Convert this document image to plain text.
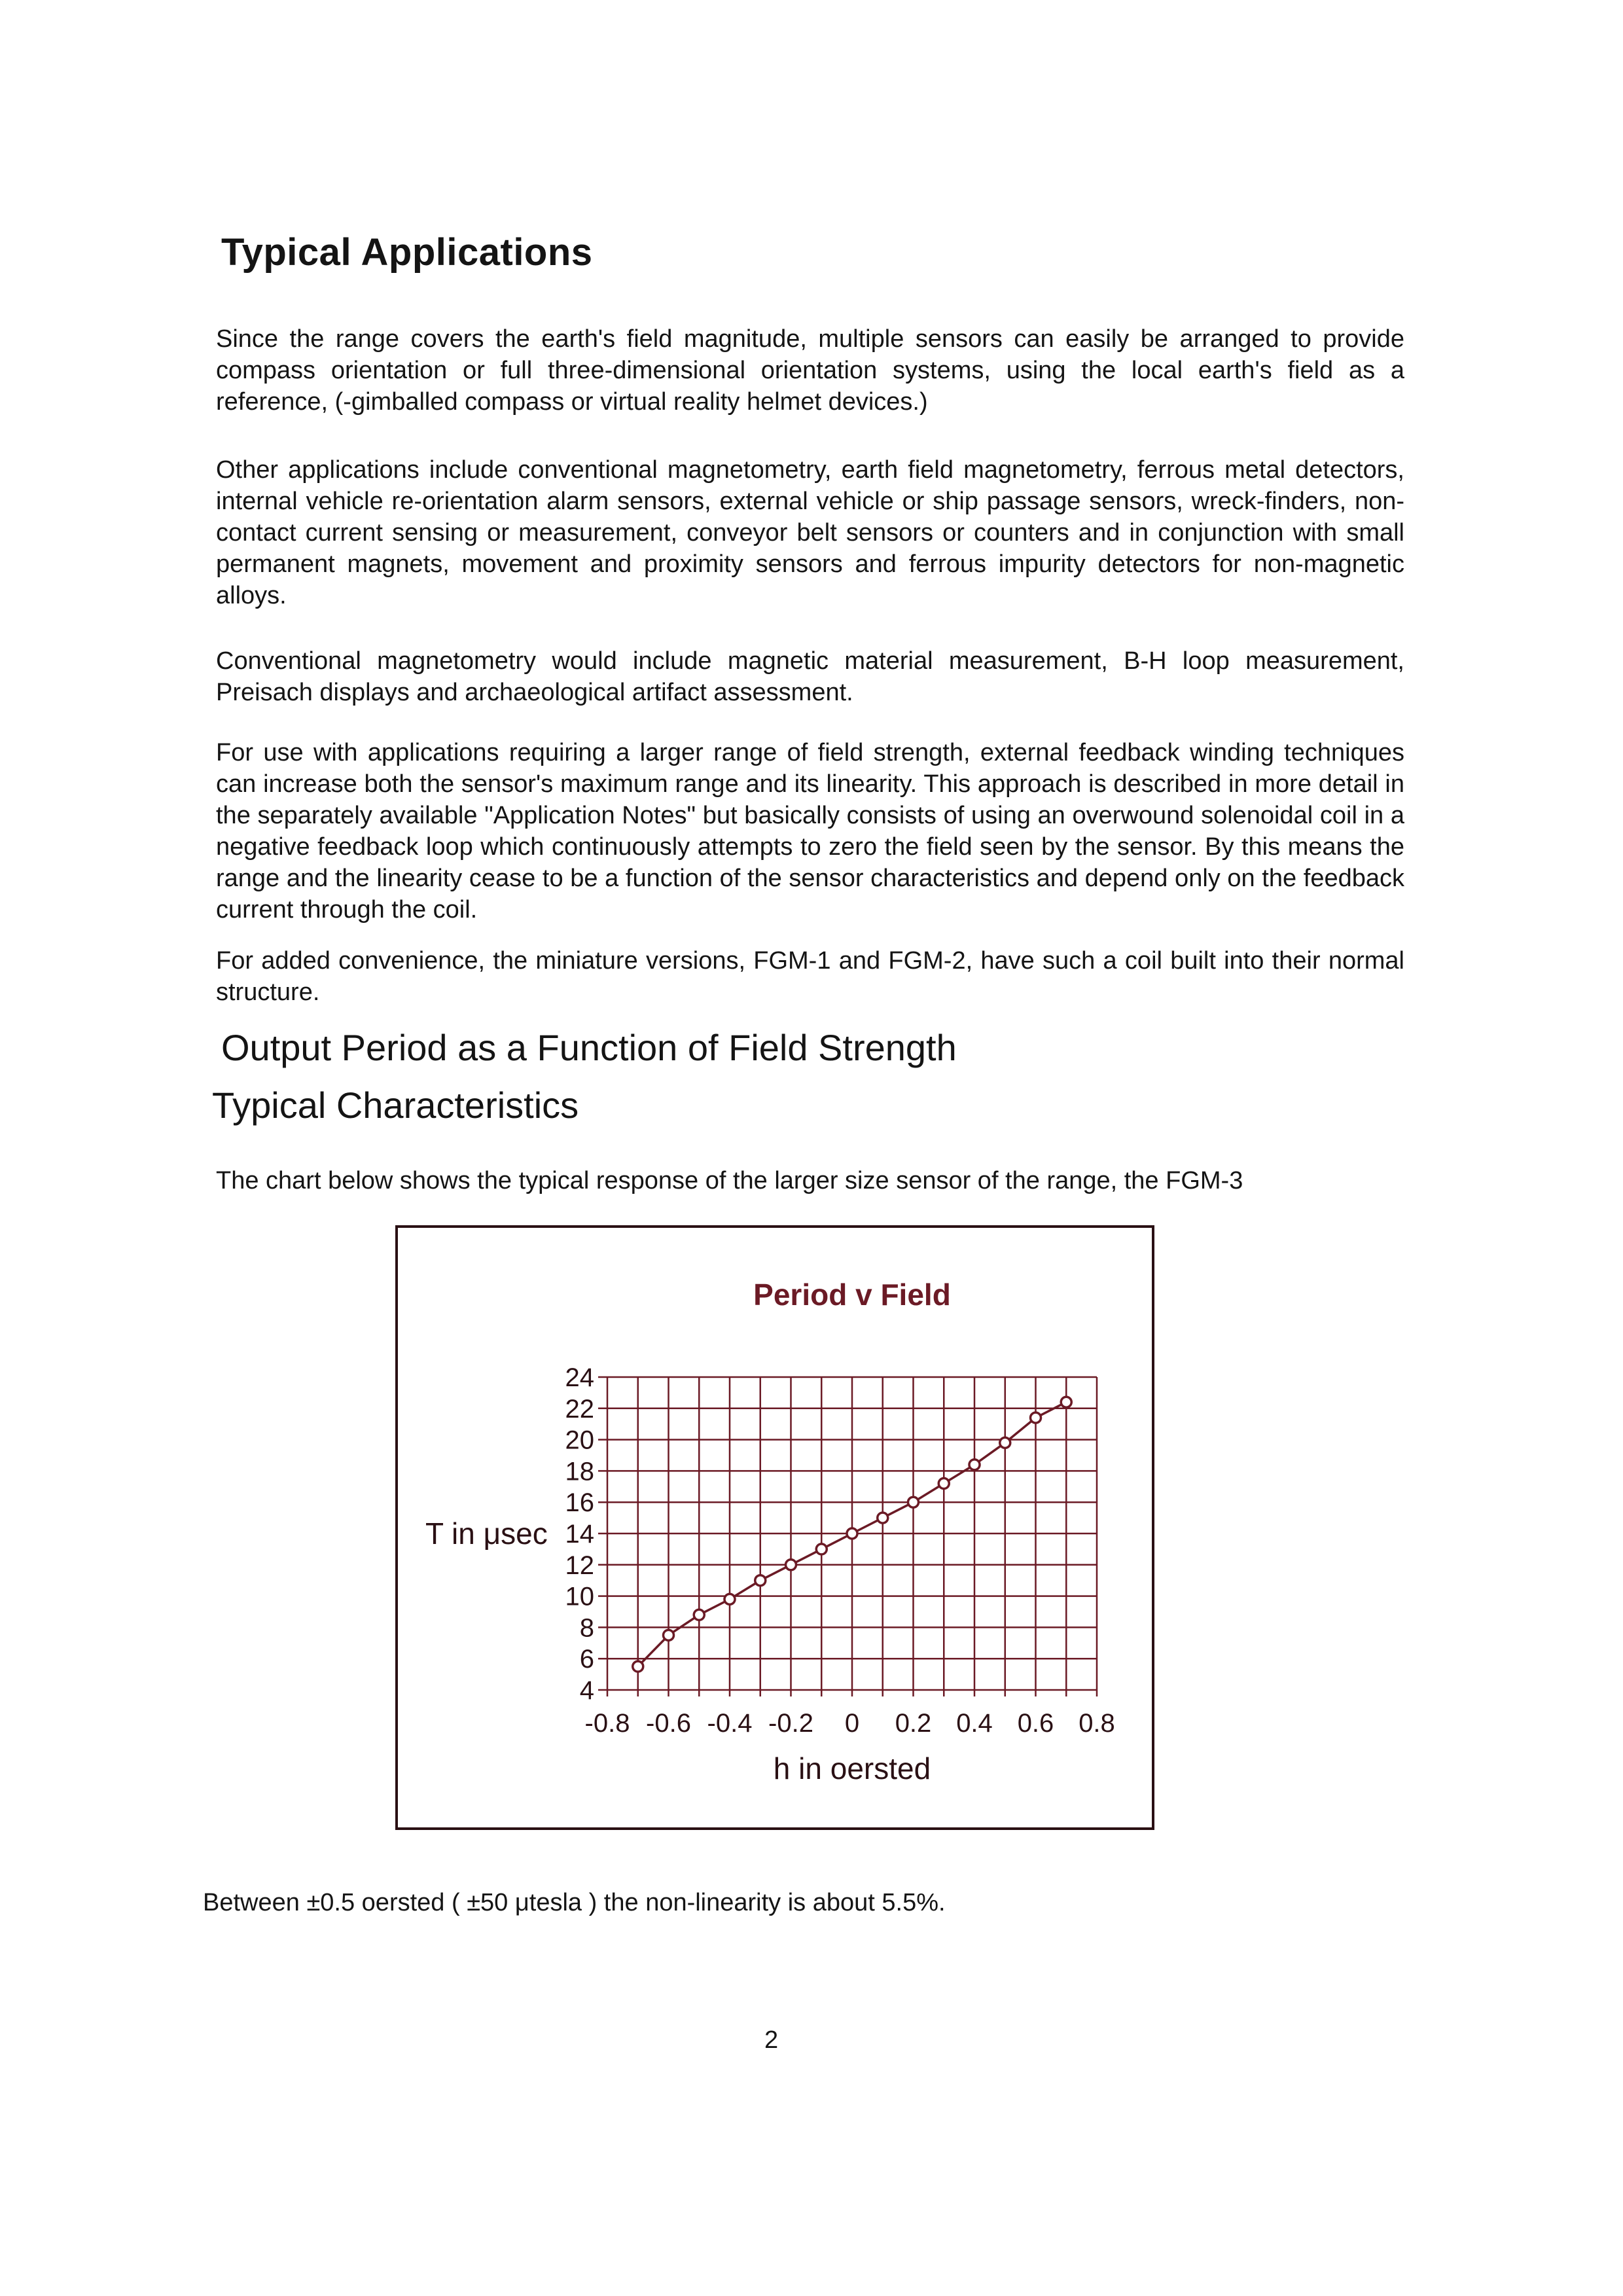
Typical Applications

Since the range covers the earth's field magnitude, multiple sensors can easily be arranged to provide compass orientation or full three-dimensional orientation systems, using the local earth's field as a reference, (-gimballed compass or virtual reality helmet devices.)

Other applications include conventional magnetometry, earth field magnetometry, ferrous metal detectors, internal vehicle re-orientation alarm sensors, external vehicle or ship passage sensors, wreck-finders, non-contact current sensing or measurement, conveyor belt sensors or counters and in conjunction with small permanent magnets, movement and proximity sensors and ferrous impurity detectors for non-magnetic alloys.

Conventional magnetometry would include magnetic material measurement, B-H loop measurement, Preisach displays and archaeological artifact assessment.

For use with applications requiring a larger range of field strength, external feedback winding techniques can increase both the sensor's maximum range and its linearity. This approach is described in more detail in the separately available "Application Notes" but basically consists of using an overwound solenoidal coil in a negative feedback loop which continuously attempts to zero the field seen by the sensor. By this means the range and the linearity cease to be a function of the sensor characteristics and depend only on the feedback current through the coil.

For added convenience, the miniature versions, FGM-1 and FGM-2, have such a coil built into their normal structure.

Output Period as a Function of Field Strength
Typical Characteristics

The chart below shows the typical response of the larger size sensor of the range, the FGM-3

Period v Field
4
6
8
10
12
14
16
18
20
22
24
-0.8 -0.6 -0.4 -0.2 0 0.2 0.4 0.6 0.8
h in oersted
T in μsec

Between ±0.5 oersted ( ±50 μtesla ) the non-linearity is about 5.5%.

2
